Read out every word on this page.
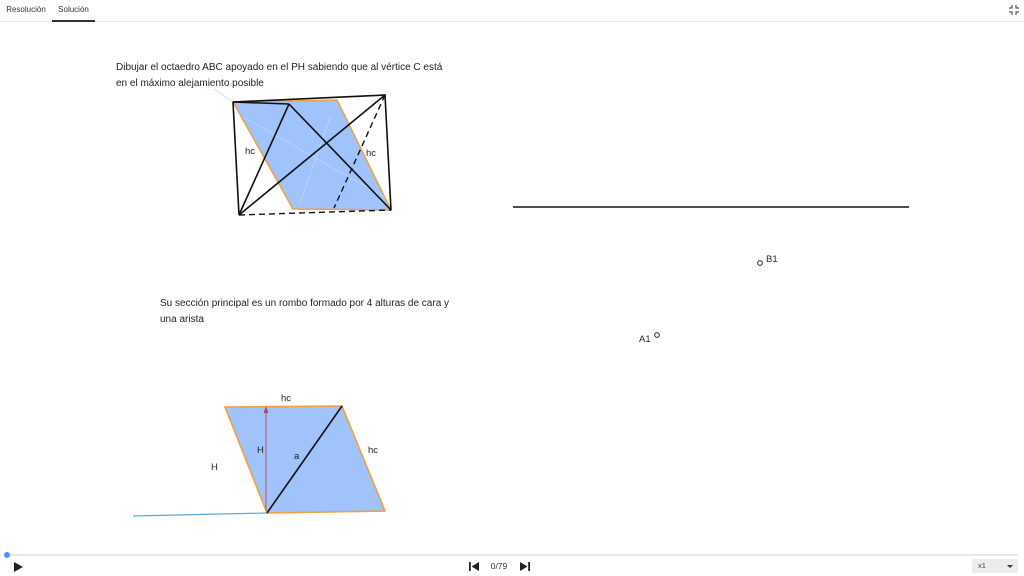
Resolución	Solución
Dibujar el octaedro ABC apoyado en el PH sabiendo que al vértice C está en el máximo alejamiento posible
Su sección principal es un rombo formado por 4 alturas de cara y una arista
hc	hc
B1
A1
hc
hc
H
H
a
0/79	x1
